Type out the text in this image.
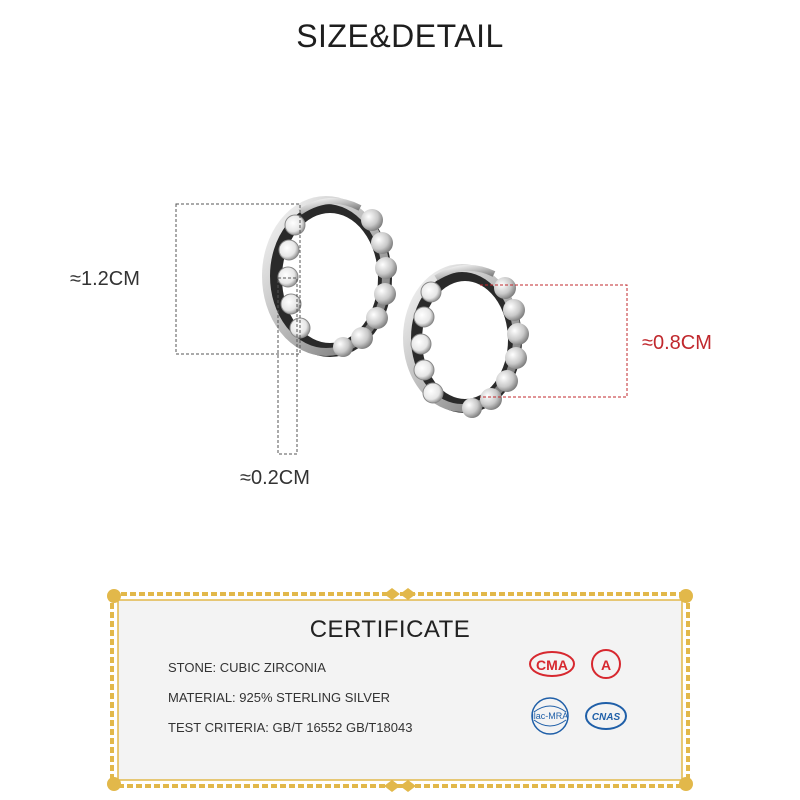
SIZE&DETAIL
≈1.2CM
≈0.2CM
≈0.8CM
CMA A
ilac-MRA CNAS
CERTIFICATE
STONE: CUBIC ZIRCONIA
MATERIAL: 925% STERLING SILVER
TEST CRITERIA: GB/T 16552 GB/T18043
